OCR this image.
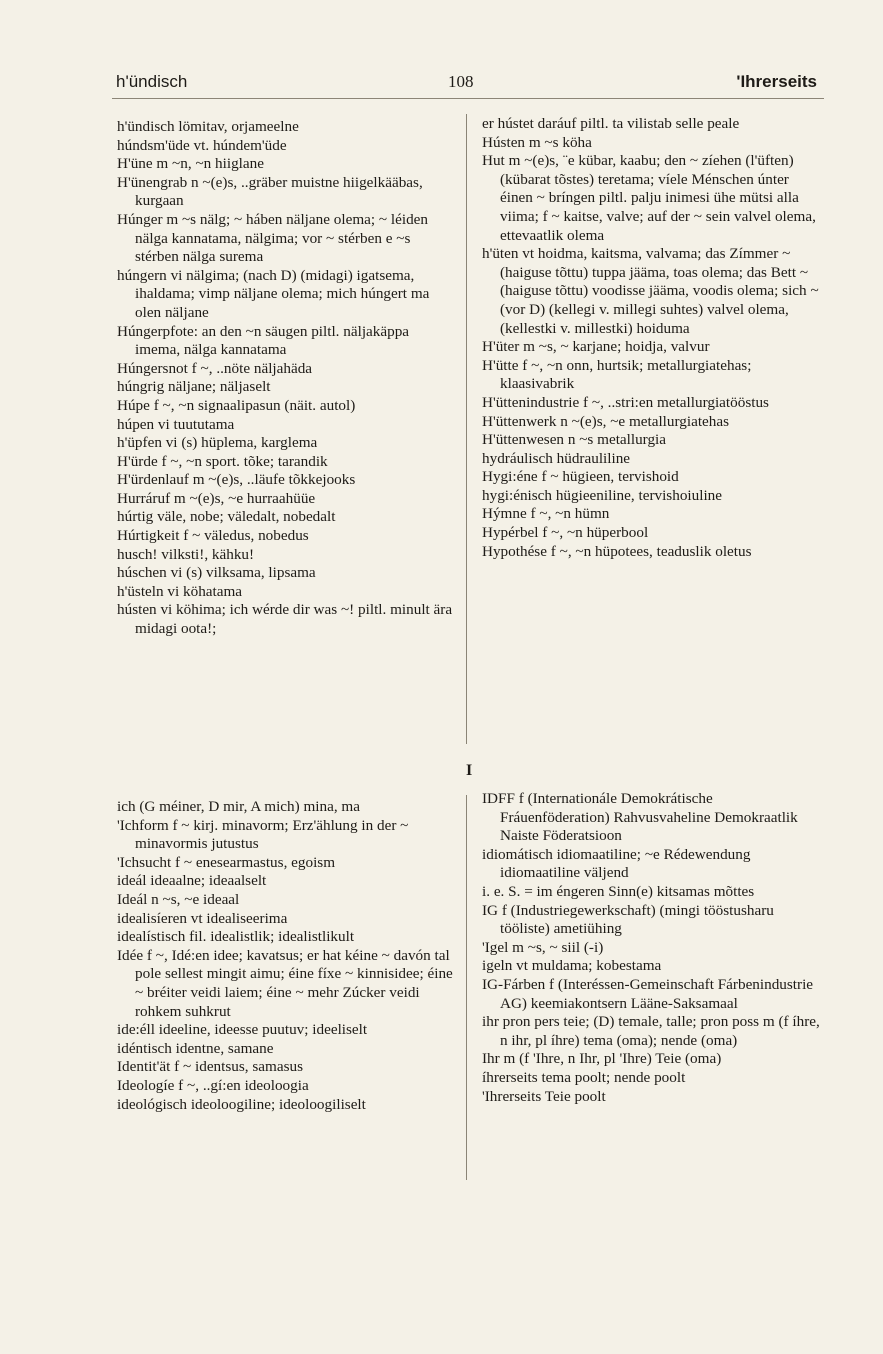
h'ündisch	108	'Ihrerseits

h'ündisch lömitav, orjameelne

húndsm'üde vt. húndem'üde

H'üne m ~n, ~n hiiglane

H'ünengrab n ~(e)s, ..gräber muistne hiigelkääbas, kurgaan

Húnger m ~s nälg; ~ háben näljane olema; ~ léiden nälga kannatama, nälgima; vor ~ stérben e ~s stérben nälga surema

húngern vi nälgima; (nach D) (midagi) igatsema, ihaldama; vimp näljane olema; mich húngert ma olen näljane

Húngerpfote: an den ~n säugen piltl. näljakäppa imema, nälga kannatama

Húngersnot f ~, ..nöte näljahäda

húngrig näljane; näljaselt

Húpe f ~, ~n signaalipasun (näit. autol)

húpen vi tuututama

h'üpfen vi (s) hüplema, karglema

H'ürde f ~, ~n sport. tõke; tarandik

H'ürdenlauf m ~(e)s, ..läufe tõkkejooks

Hurráruf m ~(e)s, ~e hurraahüüe

húrtig väle, nobe; väledalt, nobedalt

Húrtigkeit f ~ väledus, nobedus

husch! vilksti!, kähku!

húschen vi (s) vilksama, lipsama

h'üsteln vi köhatama

hústen vi köhima; ich wérde dir was ~! piltl. minult ära midagi oota!;

er hústet daráuf piltl. ta vilistab selle peale

Hústen m ~s köha

Hut m ~(e)s, ¨e kübar, kaabu; den ~ zíehen (l'üften) (kübarat tõstes) teretama; víele Ménschen únter éinen ~ bríngen piltl. palju inimesi ühe mütsi alla viima; f ~ kaitse, valve; auf der ~ sein valvel olema, ettevaatlik olema

h'üten vt hoidma, kaitsma, valvama; das Zímmer ~ (haiguse tõttu) tuppa jääma, toas olema; das Bett ~ (haiguse tõttu) voodisse jääma, voodis olema; sich ~ (vor D) (kellegi v. millegi suhtes) valvel olema, (kellestki v. millestki) hoiduma

H'üter m ~s, ~ karjane; hoidja, valvur

H'ütte f ~, ~n onn, hurtsik; metallurgiatehas; klaasivabrik

H'üttenindustrie f ~, ..stri:en metallurgiatööstus

H'üttenwerk n ~(e)s, ~e metallurgiatehas

H'üttenwesen n ~s metallurgia

hydráulisch hüdrauliline

Hygi:éne f ~ hügieen, tervishoid

hygi:énisch hügieeniline, tervishoiuline

Hýmne f ~, ~n hümn

Hypérbel f ~, ~n hüperbool

Hypothése f ~, ~n hüpotees, teaduslik oletus

I

ich (G méiner, D mir, A mich) mina, ma

'Ichform f ~ kirj. minavorm; Erz'ählung in der ~ minavormis jutustus

'Ichsucht f ~ enesearmastus, egoism

ideál ideaalne; ideaalselt

Ideál n ~s, ~e ideaal

idealisíeren vt idealiseerima

idealístisch fil. idealistlik; idealistlikult

Idée f ~, Idé:en idee; kavatsus; er hat kéine ~ davón tal pole sellest mingit aimu; éine fíxe ~ kinnisidee; éine ~ bréiter veidi laiem; éine ~ mehr Zúcker veidi rohkem suhkrut

ide:éll ideeline, ideesse puutuv; ideeliselt

idéntisch identne, samane

Identit'ät f ~ identsus, samasus

Ideologíe f ~, ..gí:en ideoloogia

ideológisch ideoloogiline; ideoloogiliselt

IDFF f (Internationále Demokrátische Fráuenföderation) Rahvusvaheline Demokraatlik Naiste Föderatsioon

idiomátisch idiomaatiline; ~e Rédewendung idiomaatiline väljend

i. e. S. = im éngeren Sinn(e) kitsamas mõttes

IG f (Industriegewerkschaft) (mingi tööstusharu tööliste) ametiühing

'Igel m ~s, ~ siil (-i)

igeln vt muldama; kobestama

IG-Fárben f (Interéssen-Gemeinschaft Fárbenindustrie AG) keemiakontsern Lääne-Saksamaal

ihr pron pers teie; (D) temale, talle; pron poss m (f íhre, n ihr, pl íhre) tema (oma); nende (oma)

Ihr m (f 'Ihre, n Ihr, pl 'Ihre) Teie (oma)

íhrerseits tema poolt; nende poolt

'Ihrerseits Teie poolt
